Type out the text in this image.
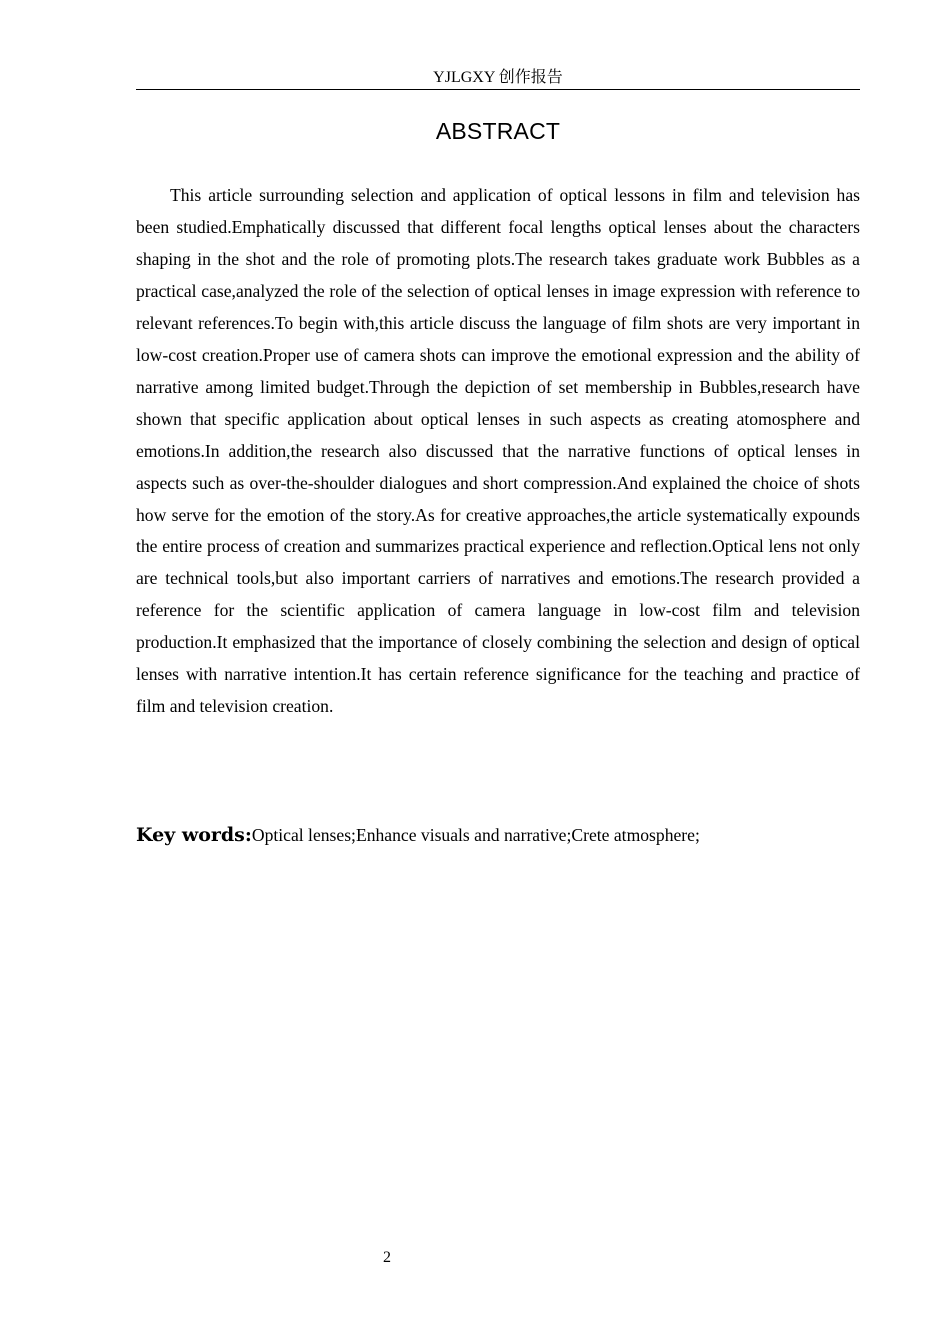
YJLGXY 创作报告
ABSTRACT

This article surrounding selection and application of optical lessons in film and television has been studied.Emphatically discussed that different focal lengths optical lenses about the characters shaping in the shot and the role of promoting plots.The research takes graduate work Bubbles as a practical case,analyzed the role of the selection of optical lenses in image expression with reference to relevant references.To begin with,this article discuss the language of film shots are very important in low-cost creation.Proper use of camera shots can improve the emotional expression and the ability of narrative among limited budget.Through the depiction of set membership in Bubbles,research have shown that specific application about optical lenses in such aspects as creating atomosphere and emotions.In addition,the research also discussed that the narrative functions of optical lenses in aspects such as over-the-shoulder dialogues and short compression.And explained the choice of shots how serve for the emotion of the story.As for creative approaches,the article systematically expounds the entire process of creation and summarizes practical experience and reflection.Optical lens not only are technical tools,but also important carriers of narratives and emotions.The research provided a reference for the scientific application of camera language in low-cost film and television production.It emphasized that the importance of closely combining the selection and design of optical lenses with narrative intention.It has certain reference significance for the teaching and practice of film and television creation.

Key words:Optical lenses;Enhance visuals and narrative;Crete atmosphere;

2
